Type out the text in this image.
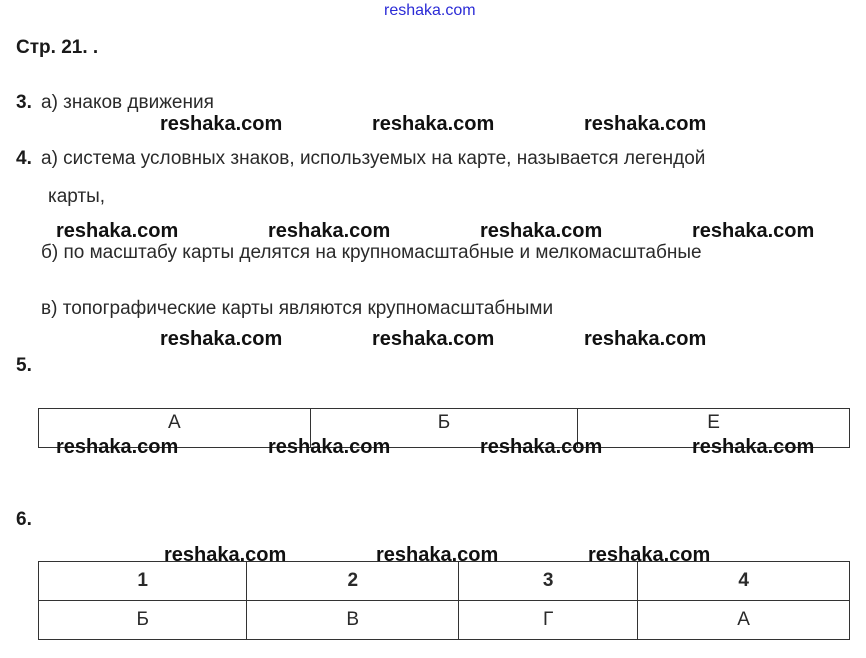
reshaka.com
Стр. 21. .
3. а) знаков движения
reshaka.com	reshaka.com	reshaka.com
4. а) система условных знаков, используемых на карте, называется легендой
карты,
reshaka.com	reshaka.com	reshaka.com	reshaka.com
б) по масштабу карты делятся на крупномасштабные и мелкомасштабные
в) топографические карты являются крупномасштабными
reshaka.com	reshaka.com	reshaka.com
5.
А	Б	Е
reshaka.com	reshaka.com	reshaka.com	reshaka.com
6.
reshaka.com	reshaka.com	reshaka.com
1	2	3	4
Б	В	Г	А
